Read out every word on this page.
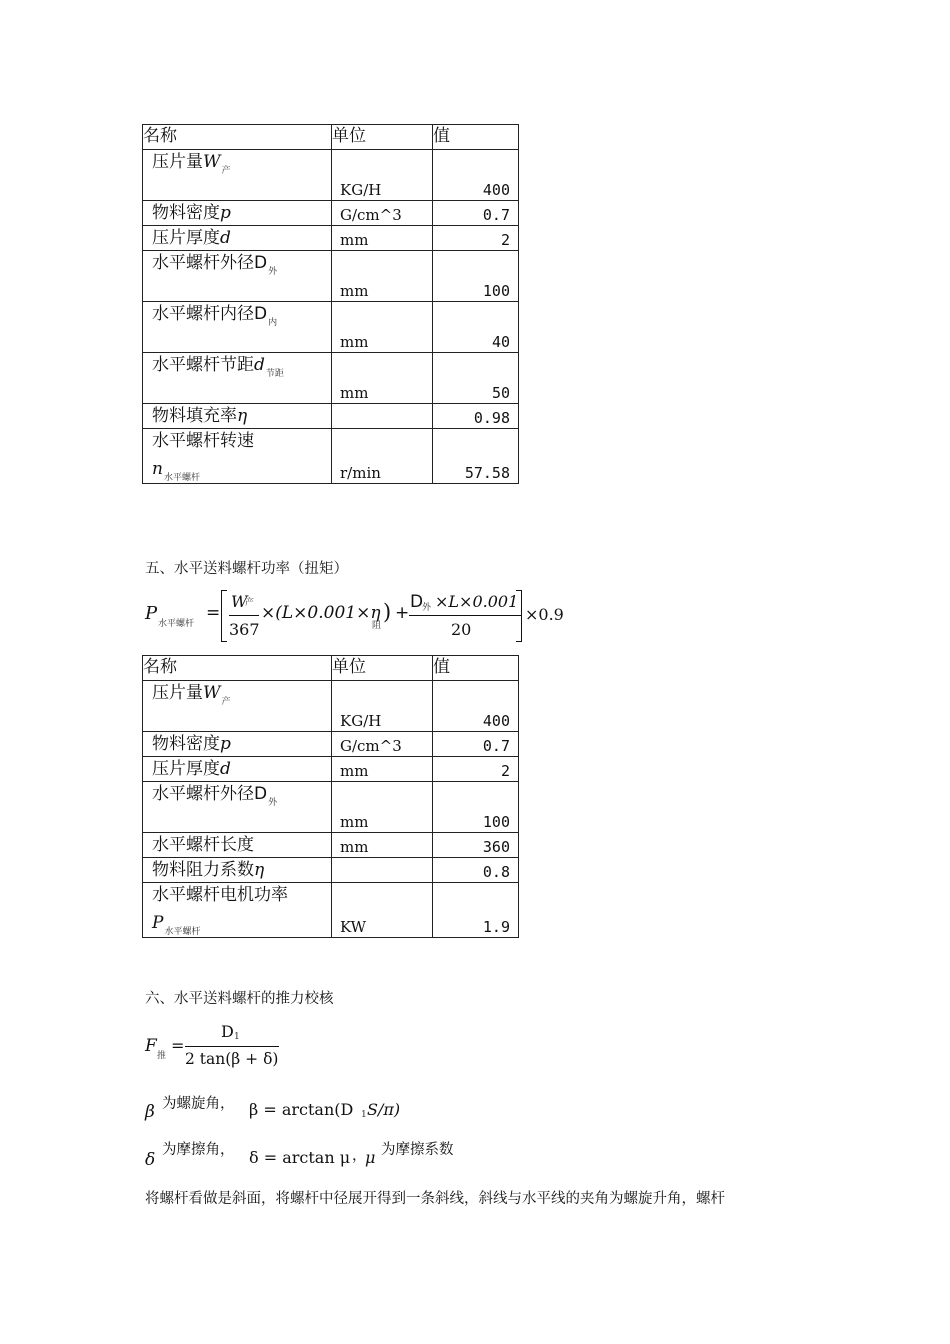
名称	单位	值

压片量$W_产$	KG/H	400

物料密度p	G/cm^3	0.7

压片厚度d	mm	2

水平螺杆外径$D_外$	mm	100

水平螺杆内径$D_内$	mm	40

水平螺杆节距$d_{节距}$	mm	50

物料填充率η		0.98

水平螺杆转速
$n_{水平螺杆}$	r/min	57.58
五、水平送料螺杆功率（扭矩）
P 水平螺杆
=
W
产
367
×(L×0.001×η
阻
) +
D
外 ×L×0.001
20
×0.9
名称	单位	值

压片量$W_产$	KG/H	400

物料密度p	G/cm^3	0.7

压片厚度d	mm	2

水平螺杆外径$D_外$	mm	100

水平螺杆长度	mm	360

物料阻力系数η		0.8

水平螺杆电机功率
$P_{水平螺杆}$	KW	1.9
六、水平送料螺杆的推力校核
F 推
=
D 1
2 tan(β + δ)
β 为螺旋角， β = arctan(D 1 S/π)
δ 为摩擦角， δ = arctan μ ，
μ 为摩擦系数
将螺杆看做是斜面，将螺杆中径展开得到一条斜线，斜线与水平线的夹角为螺旋升角，螺杆
